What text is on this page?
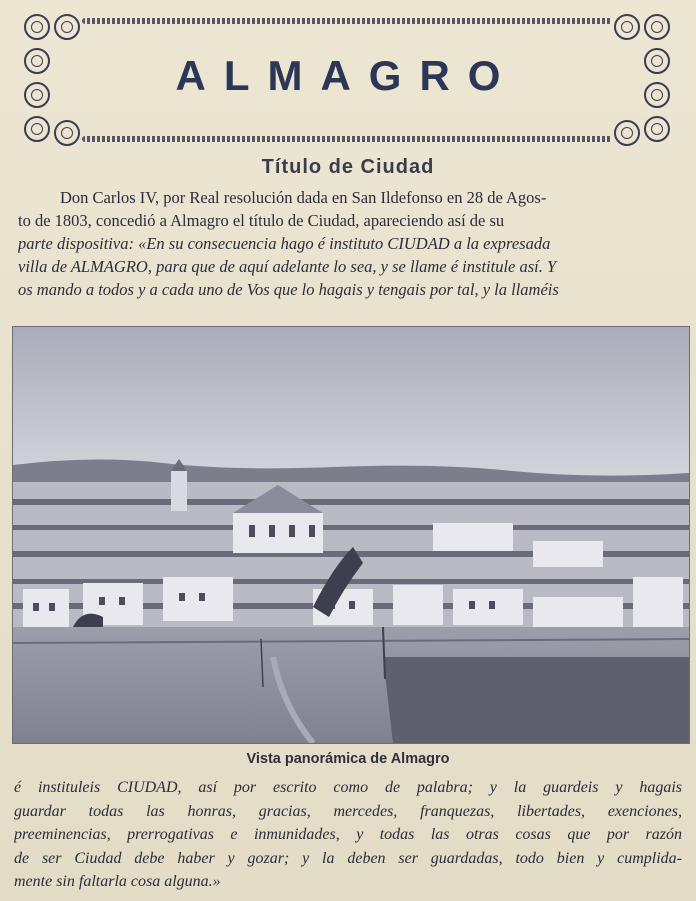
ALMAGRO
Título de Ciudad
Don Carlos IV, por Real resolución dada en San Ildefonso en 28 de Agos-
to de 1803, concedió a Almagro el título de Ciudad, apareciendo así de su
parte dispositiva: «En su consecuencia hago é instituto CIUDAD a la expresada
villa de ALMAGRO, para que de aquí adelante lo sea, y se llame é institule así. Y
os mando a todos y a cada uno de Vos que lo hagais y tengais por tal, y la llaméis
Vista panorámica de Almagro
é instituleis CIUDAD, así por escrito como de palabra; y la guardeis y hagais
guardar todas las honras, gracias, mercedes, franquezas, libertades, exenciones,
preeminencias, prerrogativas e inmunidades, y todas las otras cosas que por razón
de ser Ciudad debe haber y gozar; y la deben ser guardadas, todo bien y cumplida-
mente sin faltarla cosa alguna.»
